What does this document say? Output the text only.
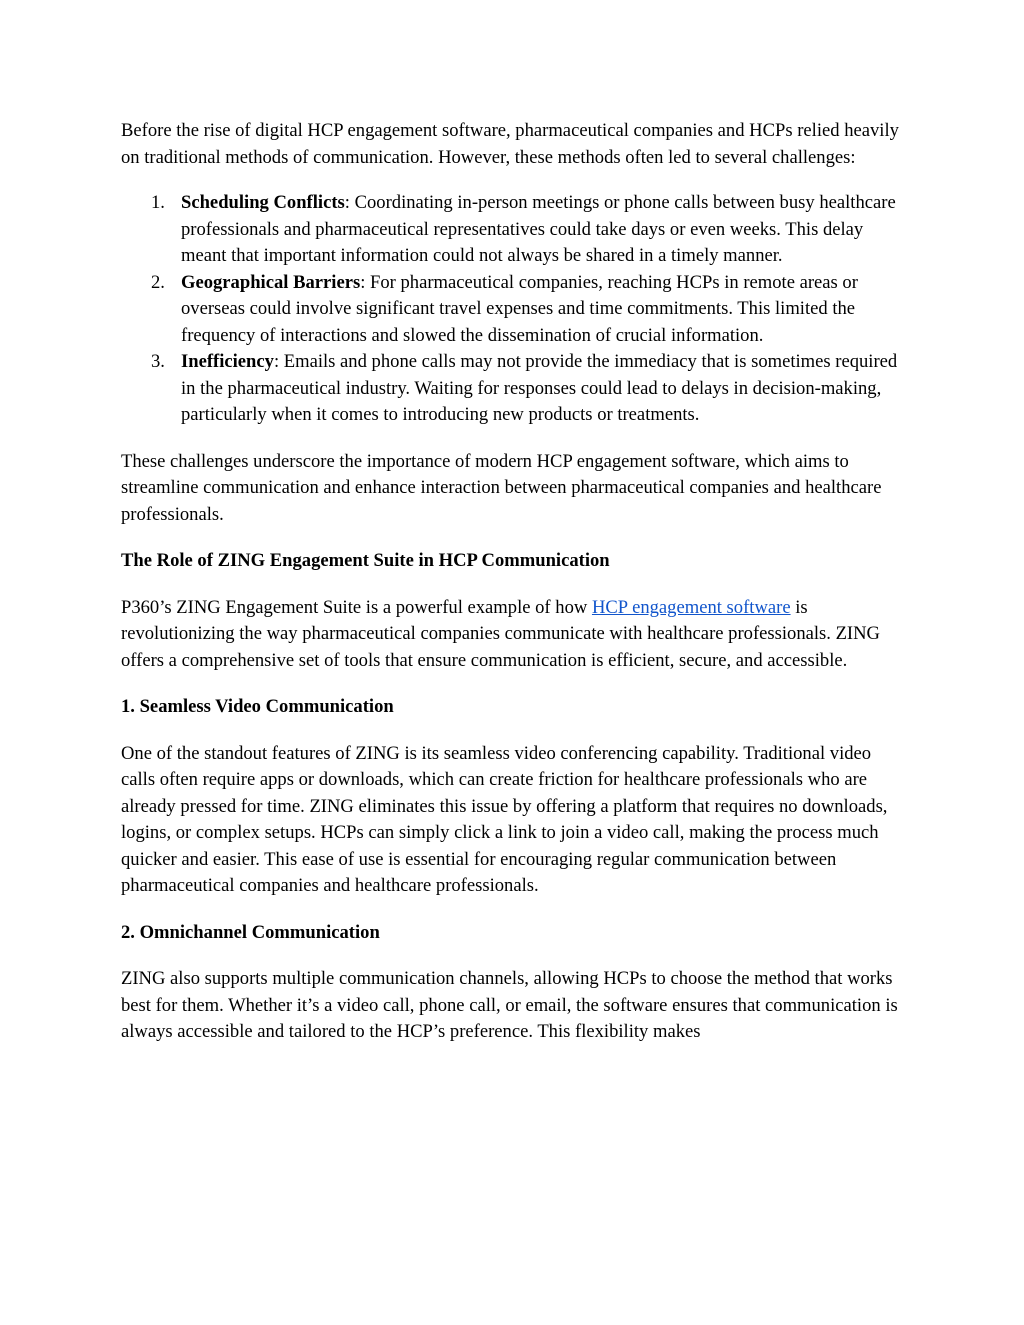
Before the rise of digital HCP engagement software, pharmaceutical companies and HCPs relied heavily on traditional methods of communication. However, these methods often led to several challenges:

1. Scheduling Conflicts: Coordinating in-person meetings or phone calls between busy healthcare professionals and pharmaceutical representatives could take days or even weeks. This delay meant that important information could not always be shared in a timely manner.
2. Geographical Barriers: For pharmaceutical companies, reaching HCPs in remote areas or overseas could involve significant travel expenses and time commitments. This limited the frequency of interactions and slowed the dissemination of crucial information.
3. Inefficiency: Emails and phone calls may not provide the immediacy that is sometimes required in the pharmaceutical industry. Waiting for responses could lead to delays in decision-making, particularly when it comes to introducing new products or treatments.

These challenges underscore the importance of modern HCP engagement software, which aims to streamline communication and enhance interaction between pharmaceutical companies and healthcare professionals.

The Role of ZING Engagement Suite in HCP Communication

P360’s ZING Engagement Suite is a powerful example of how HCP engagement software is revolutionizing the way pharmaceutical companies communicate with healthcare professionals. ZING offers a comprehensive set of tools that ensure communication is efficient, secure, and accessible.

1. Seamless Video Communication

One of the standout features of ZING is its seamless video conferencing capability. Traditional video calls often require apps or downloads, which can create friction for healthcare professionals who are already pressed for time. ZING eliminates this issue by offering a platform that requires no downloads, logins, or complex setups. HCPs can simply click a link to join a video call, making the process much quicker and easier. This ease of use is essential for encouraging regular communication between pharmaceutical companies and healthcare professionals.

2. Omnichannel Communication

ZING also supports multiple communication channels, allowing HCPs to choose the method that works best for them. Whether it’s a video call, phone call, or email, the software ensures that communication is always accessible and tailored to the HCP’s preference. This flexibility makes
